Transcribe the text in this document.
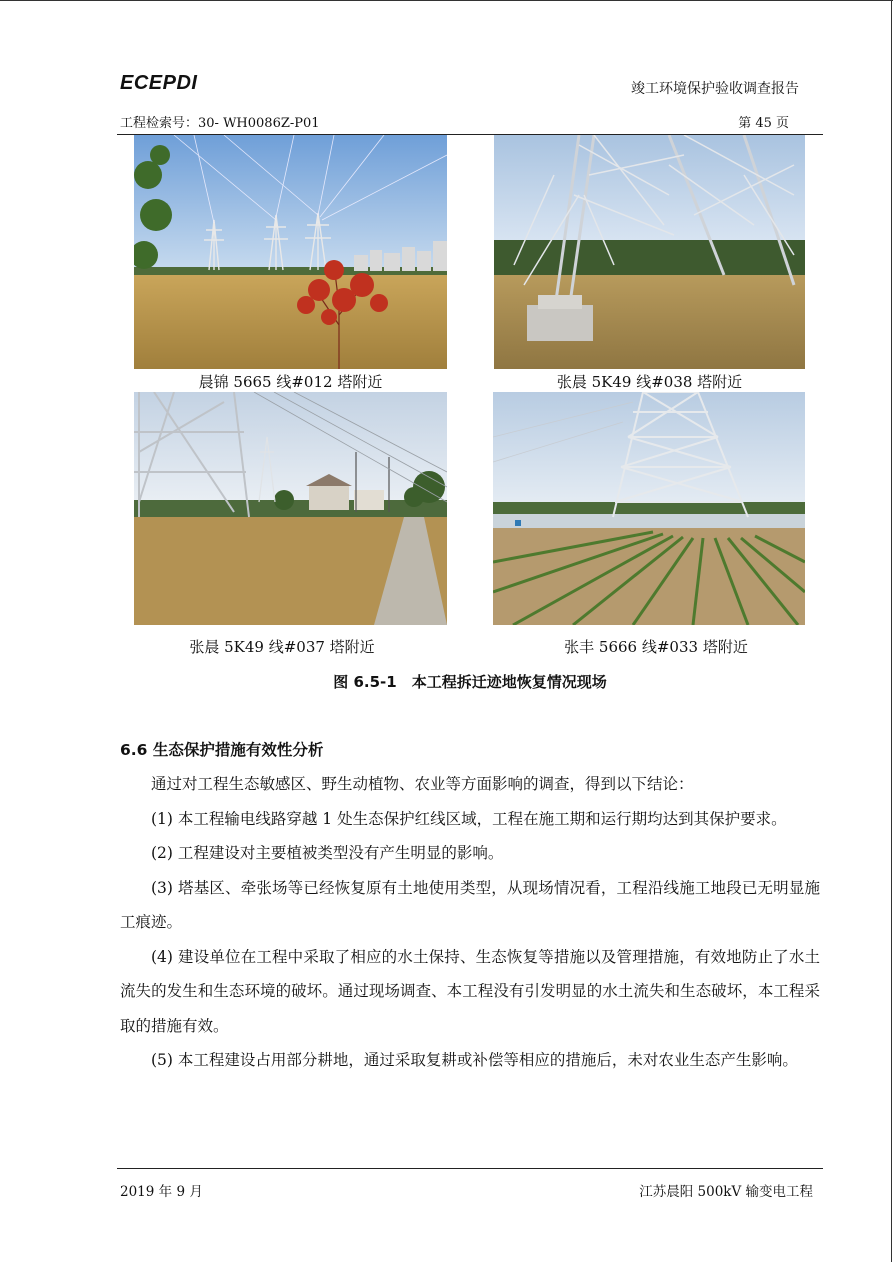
ECEPDI	竣工环境保护验收调查报告
工程检索号：30- WH0086Z-P01	第 45 页
晨锦 5665 线#012 塔附近	张晨 5K49 线#038 塔附近
张晨 5K49 线#037 塔附近	张丰 5666 线#033 塔附近
图 6.5-1　本工程拆迁迹地恢复情况现场
6.6 生态保护措施有效性分析

通过对工程生态敏感区、野生动植物、农业等方面影响的调查，得到以下结论：

(1) 本工程输电线路穿越 1 处生态保护红线区域，工程在施工期和运行期均达到其保护要求。

(2) 工程建设对主要植被类型没有产生明显的影响。

(3) 塔基区、牵张场等已经恢复原有土地使用类型，从现场情况看，工程沿线施工地段已无明显施工痕迹。

(4) 建设单位在工程中采取了相应的水土保持、生态恢复等措施以及管理措施，有效地防止了水土流失的发生和生态环境的破坏。通过现场调查、本工程没有引发明显的水土流失和生态破坏，本工程采取的措施有效。

(5) 本工程建设占用部分耕地，通过采取复耕或补偿等相应的措施后，未对农业生态产生影响。

2019 年 9 月	江苏晨阳 500kV 输变电工程
